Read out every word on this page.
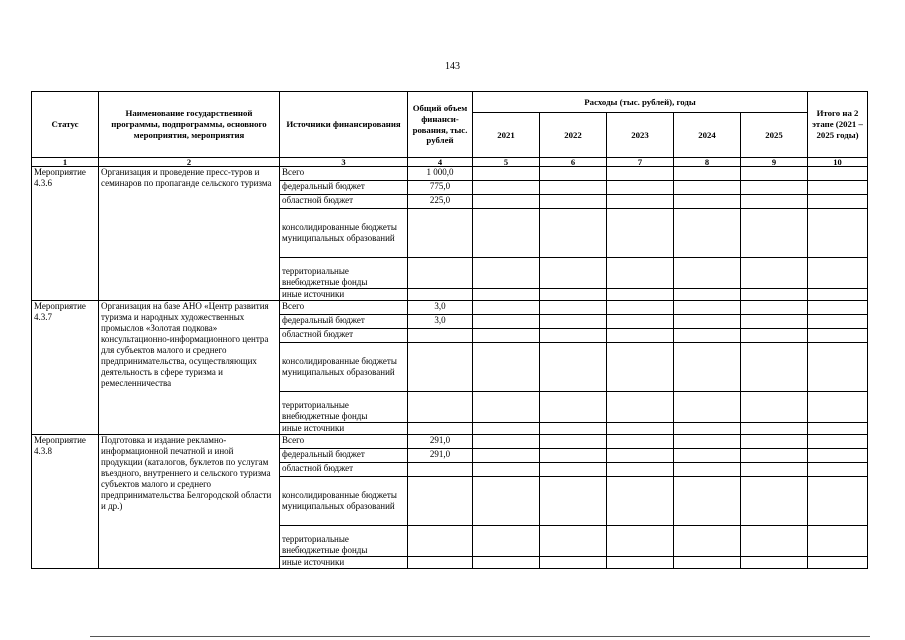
143
Статус	Наименование государственной программы, подпрограммы, основного мероприятия, мероприятия	Источники финансирования	Общий объем финанси-рования, тыс. рублей	Расходы (тыс. рублей), годы					Итого на 2 этапе (2021 – 2025 годы)
				2021	2022	2023	2024	2025	
1	2	3	4	5	6	7	8	9	10
Мероприятие 4.3.6	Организация и проведение пресс-туров и семинаров по пропаганде сельского туризма	Всего	1 000,0						
		федеральный бюджет	775,0						
		областной бюджет	225,0						
		консолидированные бюджеты муниципальных образований							
		территориальные внебюджетные фонды							
		иные источники							
Мероприятие 4.3.7	Организация на базе АНО «Центр развития туризма и народных художественных промыслов «Золотая подкова» консультационно-информационного центра для субъектов малого и среднего предпринимательства, осуществляющих деятельность в сфере туризма и ремесленничества	Всего	3,0						
		федеральный бюджет	3,0						
		областной бюджет							
		консолидированные бюджеты муниципальных образований							
		территориальные внебюджетные фонды							
		иные источники							
Мероприятие 4.3.8	Подготовка и издание рекламно-информационной печатной и иной продукции (каталогов, буклетов по услугам въездного, внутреннего и сельского туризма субъектов малого и среднего предпринимательства Белгородской области и др.)	Всего	291,0						
		федеральный бюджет	291,0						
		областной бюджет							
		консолидированные бюджеты муниципальных образований							
		территориальные внебюджетные фонды							
		иные источники							
